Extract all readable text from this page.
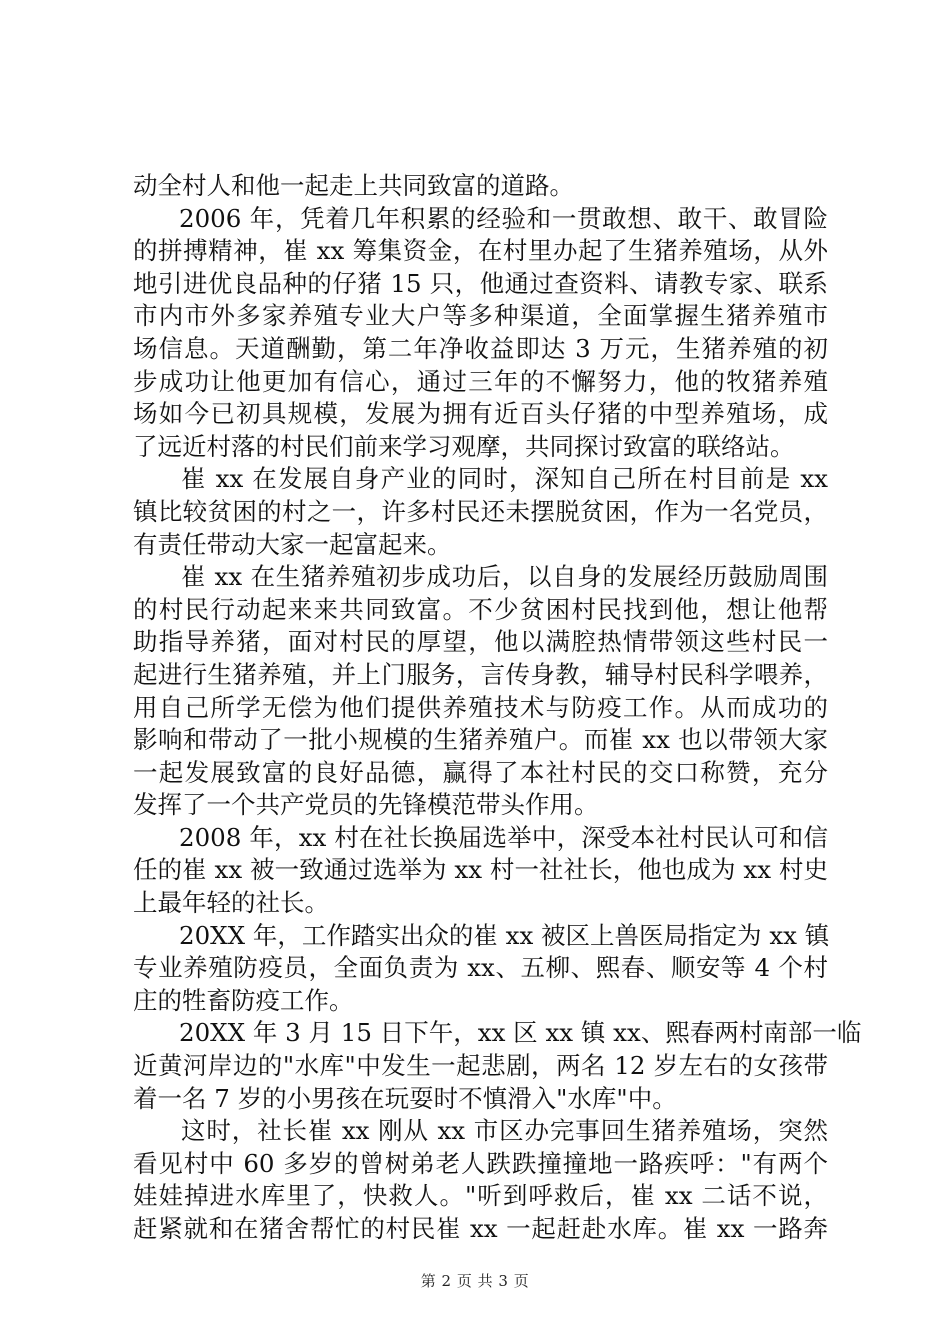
动全村人和他一起走上共同致富的道路。
2006 年，凭着几年积累的经验和一贯敢想、敢干、敢冒险
的拼搏精神，崔 xx 筹集资金，在村里办起了生猪养殖场，从外
地引进优良品种的仔猪 15 只，他通过查资料、请教专家、联系
市内市外多家养殖专业大户等多种渠道，全面掌握生猪养殖市
场信息。天道酬勤，第二年净收益即达 3 万元，生猪养殖的初
步成功让他更加有信心，通过三年的不懈努力，他的牧猪养殖
场如今已初具规模，发展为拥有近百头仔猪的中型养殖场，成
了远近村落的村民们前来学习观摩，共同探讨致富的联络站。
崔 xx 在发展自身产业的同时，深知自己所在村目前是 xx
镇比较贫困的村之一，许多村民还未摆脱贫困，作为一名党员，
有责任带动大家一起富起来。
崔 xx 在生猪养殖初步成功后，以自身的发展经历鼓励周围
的村民行动起来来共同致富。不少贫困村民找到他，想让他帮
助指导养猪，面对村民的厚望，他以满腔热情带领这些村民一
起进行生猪养殖，并上门服务，言传身教，辅导村民科学喂养，
用自己所学无偿为他们提供养殖技术与防疫工作。从而成功的
影响和带动了一批小规模的生猪养殖户。而崔 xx 也以带领大家
一起发展致富的良好品德，赢得了本社村民的交口称赞，充分
发挥了一个共产党员的先锋模范带头作用。
2008 年，xx 村在社长换届选举中，深受本社村民认可和信
任的崔 xx 被一致通过选举为 xx 村一社社长，他也成为 xx 村史
上最年轻的社长。
20XX 年，工作踏实出众的崔 xx 被区上兽医局指定为 xx 镇
专业养殖防疫员，全面负责为 xx、五柳、熙春、顺安等 4 个村
庄的牲畜防疫工作。
20XX 年 3 月 15 日下午，xx 区 xx 镇 xx、熙春两村南部一临
近黄河岸边的"水库"中发生一起悲剧，两名 12 岁左右的女孩带
着一名 7 岁的小男孩在玩耍时不慎滑入"水库"中。
这时，社长崔 xx 刚从 xx 市区办完事回生猪养殖场，突然
看见村中 60 多岁的曾树弟老人跌跌撞撞地一路疾呼："有两个
娃娃掉进水库里了，快救人。"听到呼救后，崔 xx 二话不说，
赶紧就和在猪舍帮忙的村民崔 xx 一起赶赴水库。崔 xx 一路奔
第 2 页 共 3 页
